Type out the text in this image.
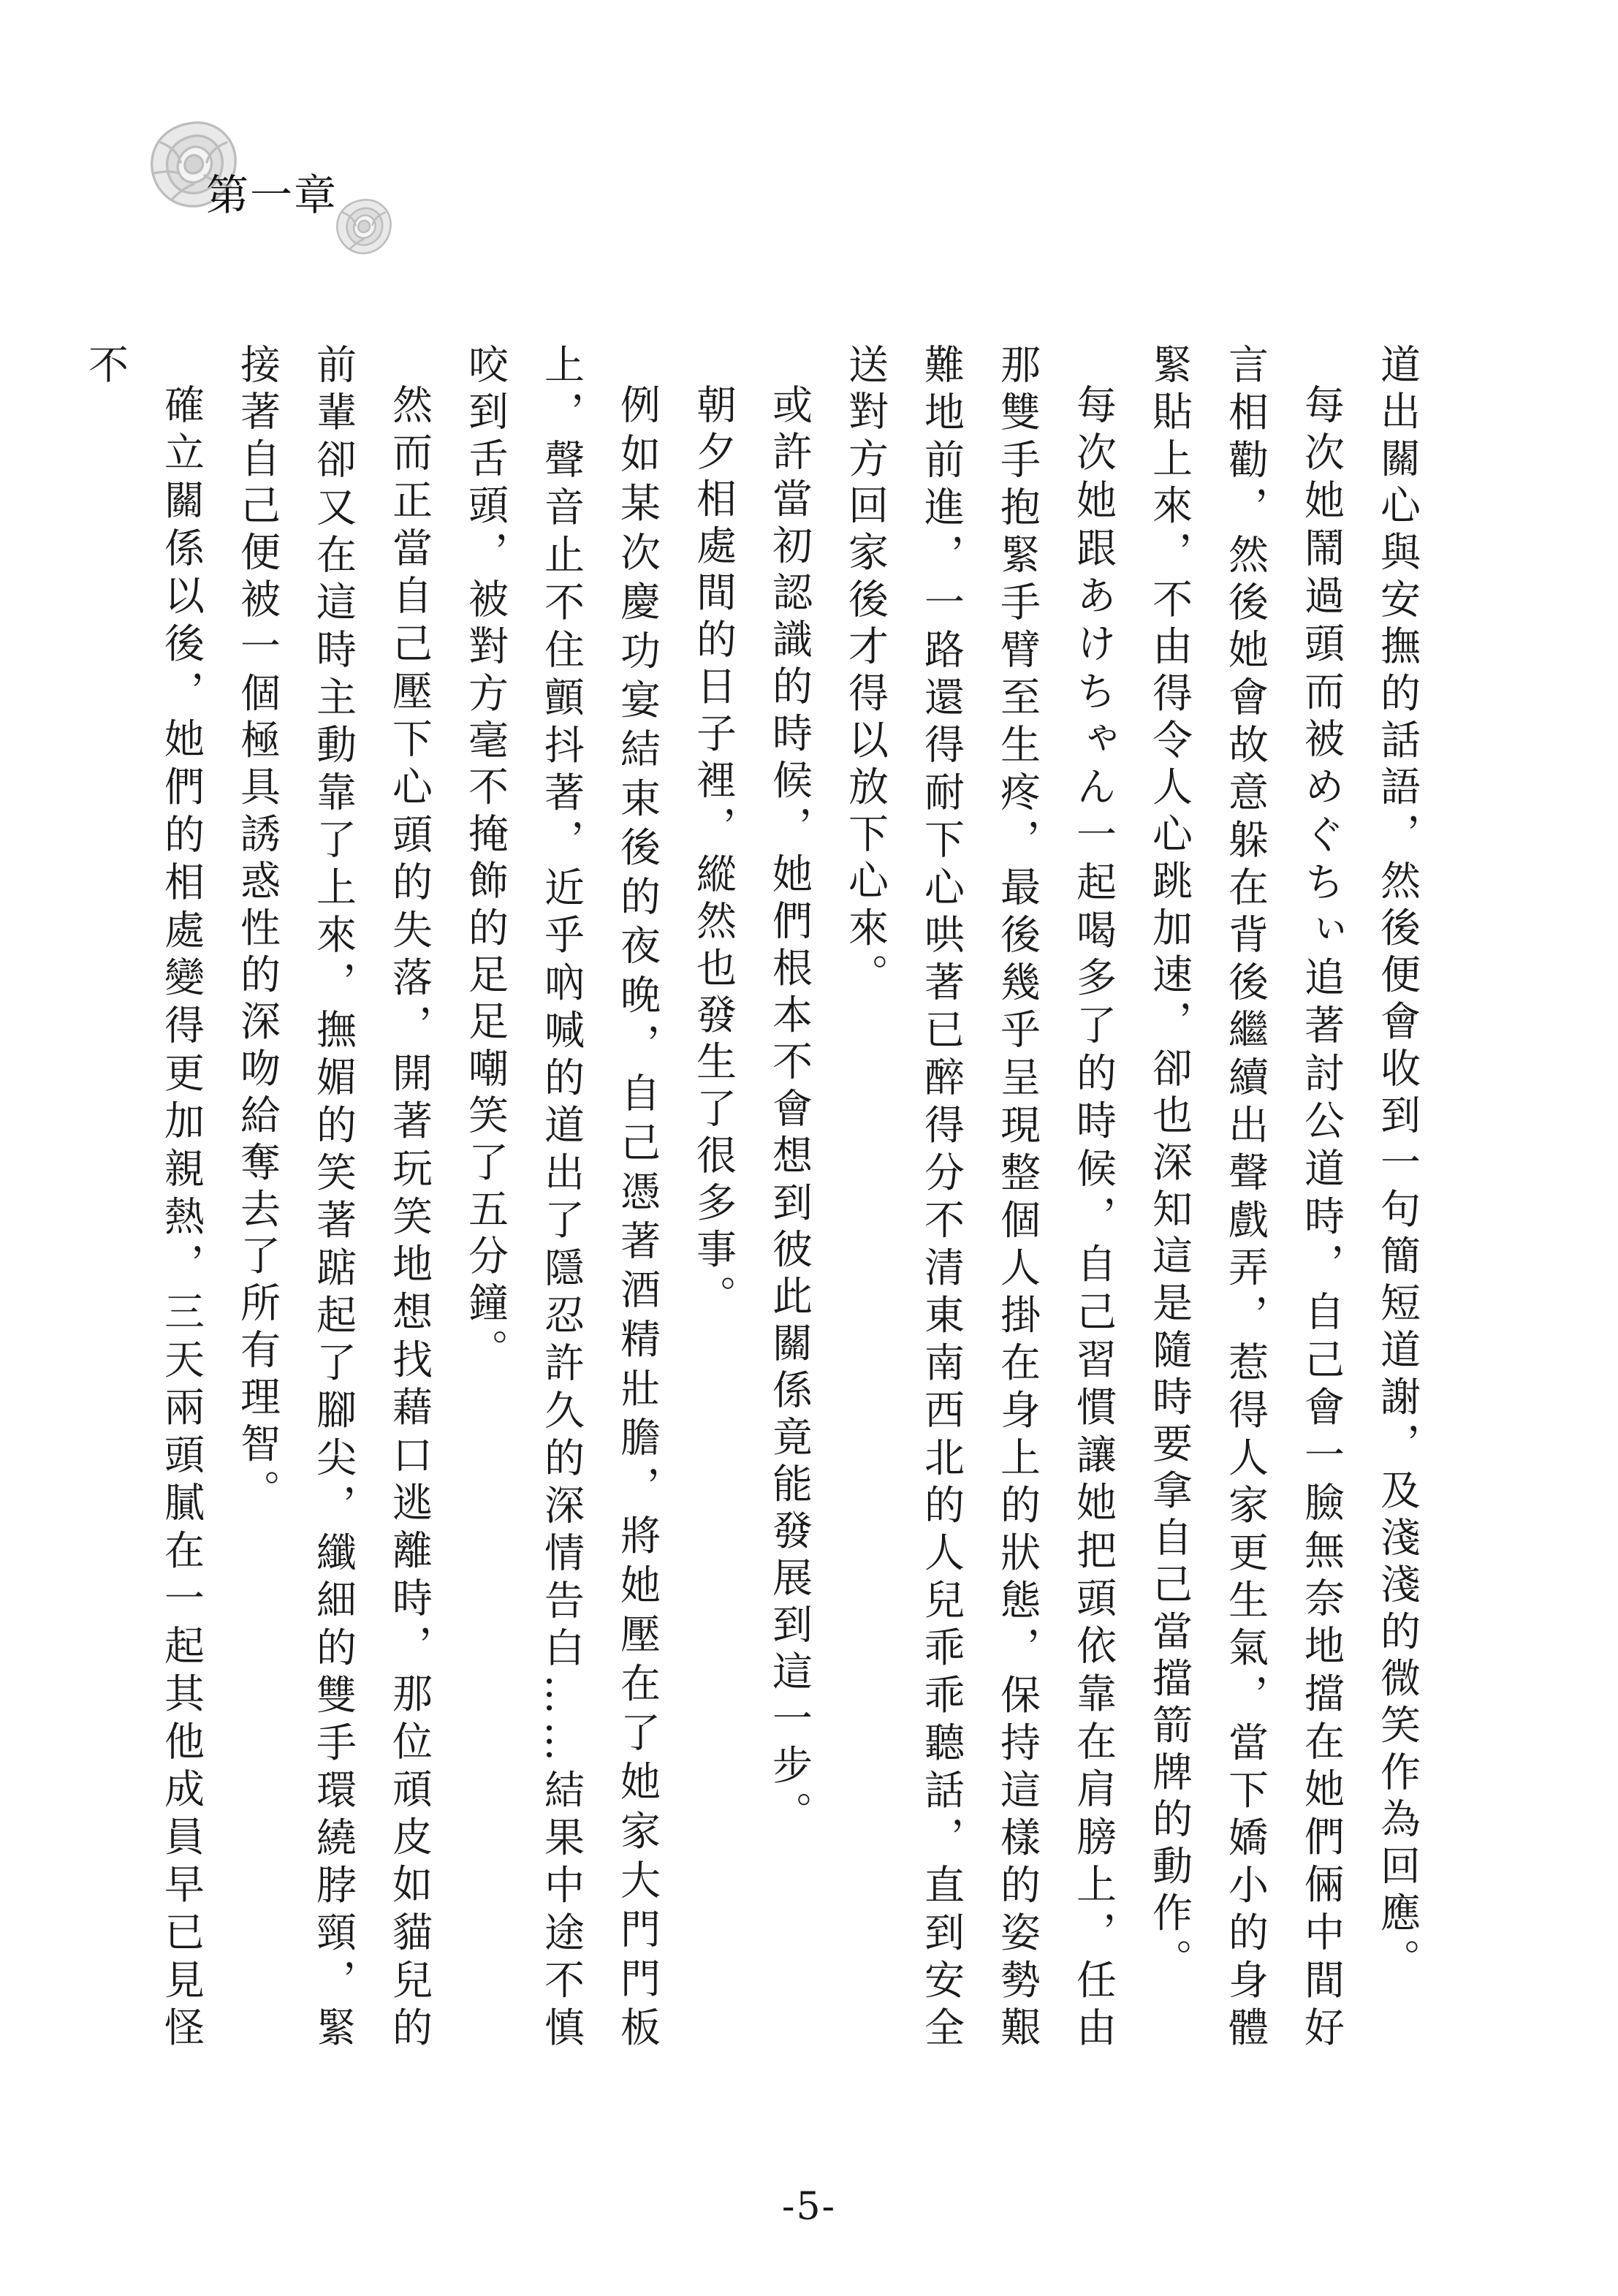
第一章

道出關心與安撫的話語，然後便會收到一句簡短道謝，及淺淺的微笑作為回應。

每次她鬧過頭而被めぐちぃ追著討公道時，自己會一臉無奈地擋在她們倆中間好言相勸，然後她會故意躲在背後繼續出聲戲弄，惹得人家更生氣，當下嬌小的身體緊貼上來，不由得令人心跳加速，卻也深知這是隨時要拿自己當擋箭牌的動作。

每次她跟あけちゃん一起喝多了的時候，自己習慣讓她把頭依靠在肩膀上，任由那雙手抱緊手臂至生疼，最後幾乎呈現整個人掛在身上的狀態，保持這樣的姿勢艱難地前進，一路還得耐下心哄著已醉得分不清東南西北的人兒乖乖聽話，直到安全送對方回家後才得以放下心來。

或許當初認識的時候，她們根本不會想到彼此關係竟能發展到這一步。

朝夕相處間的日子裡，縱然也發生了很多事。

例如某次慶功宴結束後的夜晚，自己憑著酒精壯膽，將她壓在了她家大門門板上，聲音止不住顫抖著，近乎吶喊的道出了隱忍許久的深情告白……結果中途不慎咬到舌頭，被對方毫不掩飾的足足嘲笑了五分鐘。

然而正當自己壓下心頭的失落，開著玩笑地想找藉口逃離時，那位頑皮如貓兒的前輩卻又在這時主動靠了上來，撫媚的笑著踮起了腳尖，纖細的雙手環繞脖頸，緊接著自己便被一個極具誘惑性的深吻給奪去了所有理智。

確立關係以後，她們的相處變得更加親熱，三天兩頭膩在一起其他成員早已見怪不

-5-
